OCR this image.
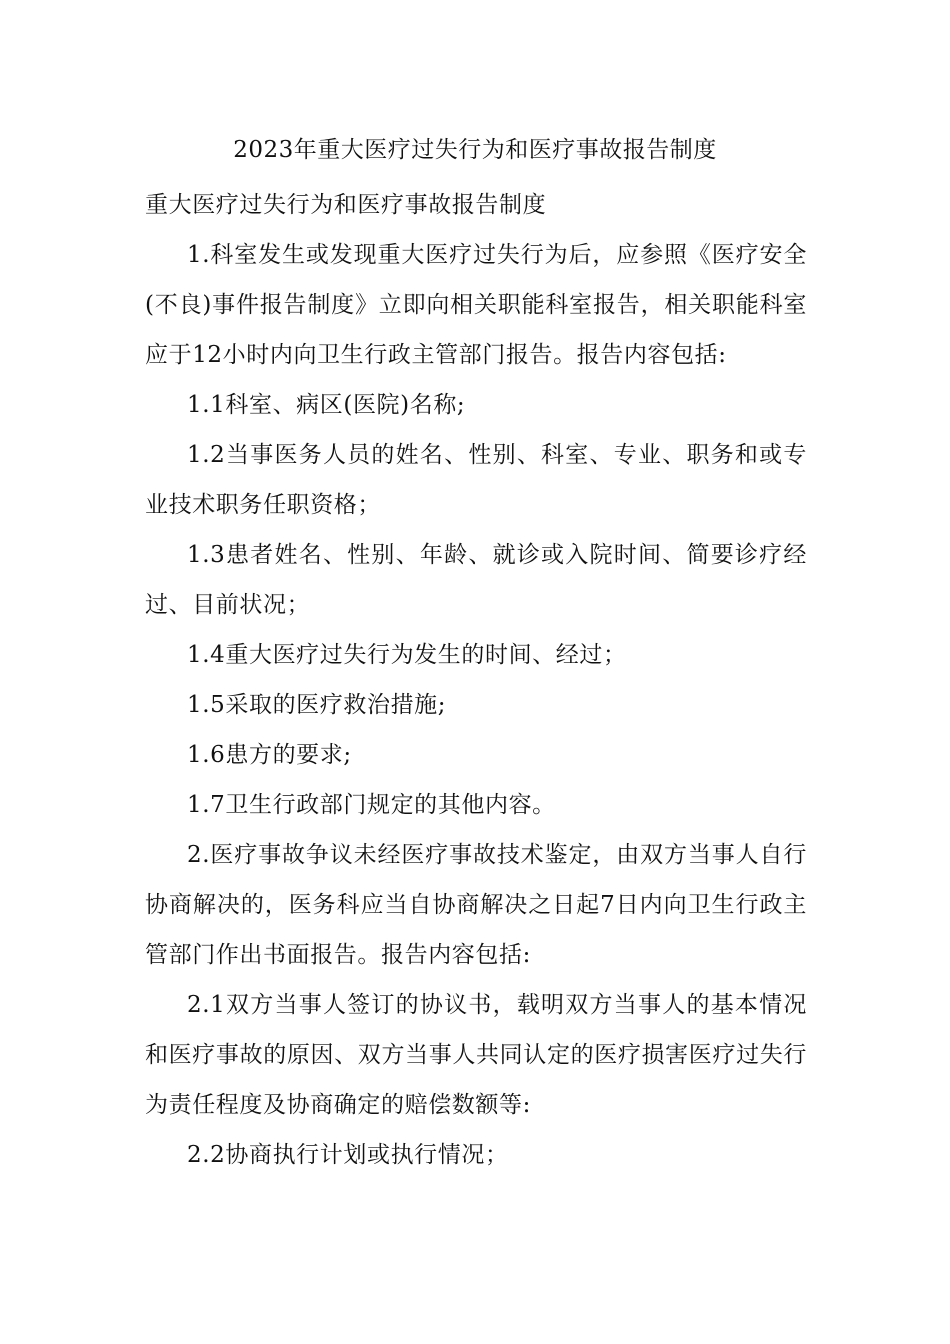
2023年重大医疗过失行为和医疗事故报告制度

重大医疗过失行为和医疗事故报告制度

1.科室发生或发现重大医疗过失行为后，应参照《医疗安全(不良)事件报告制度》立即向相关职能科室报告，相关职能科室应于12小时内向卫生行政主管部门报告。报告内容包括:

1.1科室、病区(医院)名称;

1.2当事医务人员的姓名、性别、科室、专业、职务和或专业技术职务任职资格；

1.3患者姓名、性别、年龄、就诊或入院时间、简要诊疗经过、目前状况；

1.4重大医疗过失行为发生的时间、经过；

1.5采取的医疗救治措施;

1.6患方的要求;

1.7卫生行政部门规定的其他内容。

2.医疗事故争议未经医疗事故技术鉴定，由双方当事人自行协商解决的，医务科应当自协商解决之日起7日内向卫生行政主管部门作出书面报告。报告内容包括:

2.1双方当事人签订的协议书，载明双方当事人的基本情况和医疗事故的原因、双方当事人共同认定的医疗损害医疗过失行为责任程度及协商确定的赔偿数额等:

2.2协商执行计划或执行情况；
